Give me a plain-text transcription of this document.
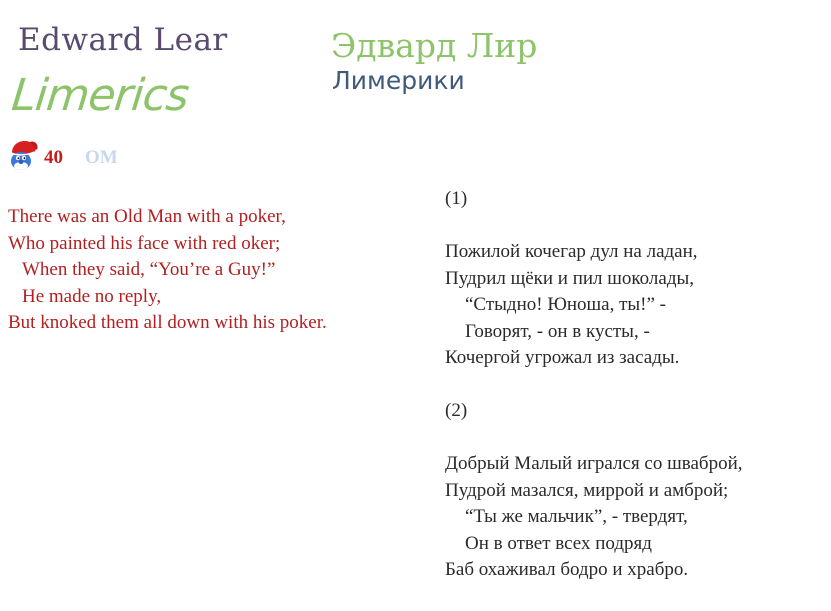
Edward Lear
Limerics
Эдвард Лир
Лимерики
40 OM
There was an Old Man with a poker,
Who painted his face with red oker;
When they said, “You’re a Guy!”
He made no reply,
But knoked them all down with his poker.
(1)
Пожилой кочегар дул на ладан,
Пудрил щёки и пил шоколады,
“Стыдно! Юноша, ты!” -
Говорят, - он в кусты, -
Кочергой угрожал из засады.
(2)
Добрый Малый игрался со шваброй,
Пудрой мазался, миррой и амброй;
“Ты же мальчик”, - твердят,
Он в ответ всех подряд
Баб охаживал бодро и храбро.
